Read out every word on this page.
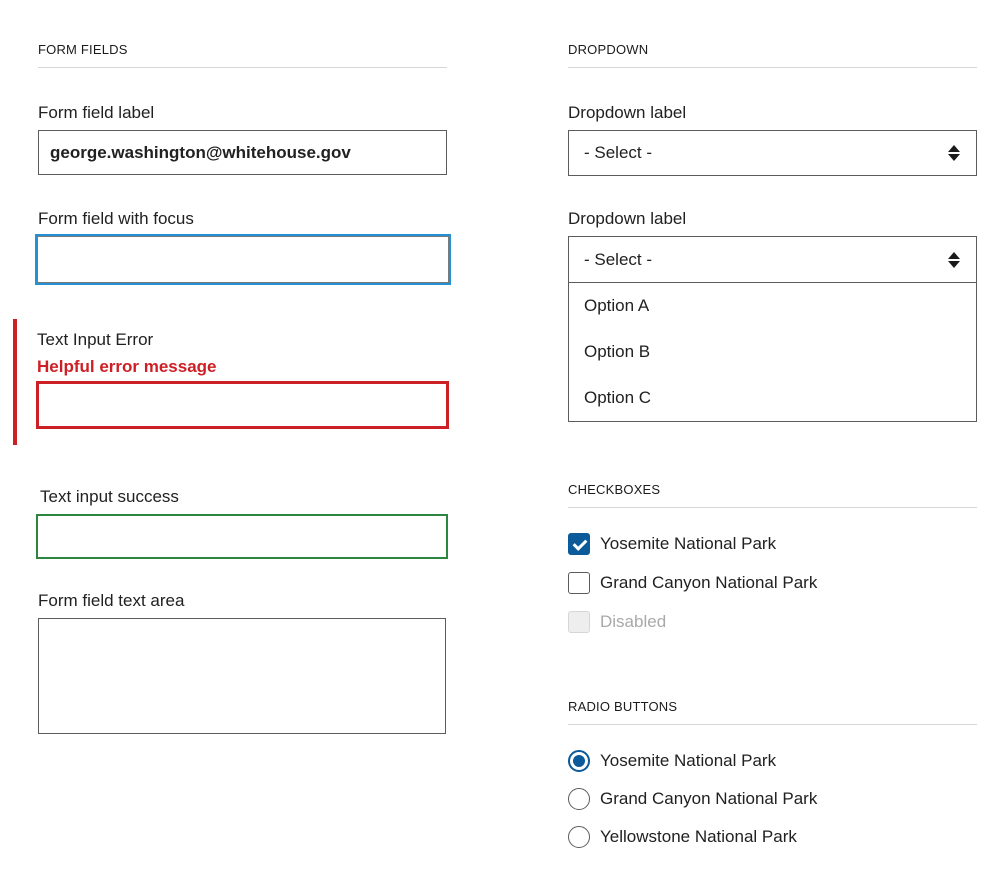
FORM FIELDS
Form field label
george.washington@whitehouse.gov
Form field with focus
Text Input Error
Helpful error message
Text input success
Form field text area
DROPDOWN
Dropdown label
- Select -
Dropdown label
- Select -
Option A
Option B
Option C
CHECKBOXES
Yosemite National Park
Grand Canyon National Park
Disabled
RADIO BUTTONS
Yosemite National Park
Grand Canyon National Park
Yellowstone National Park
